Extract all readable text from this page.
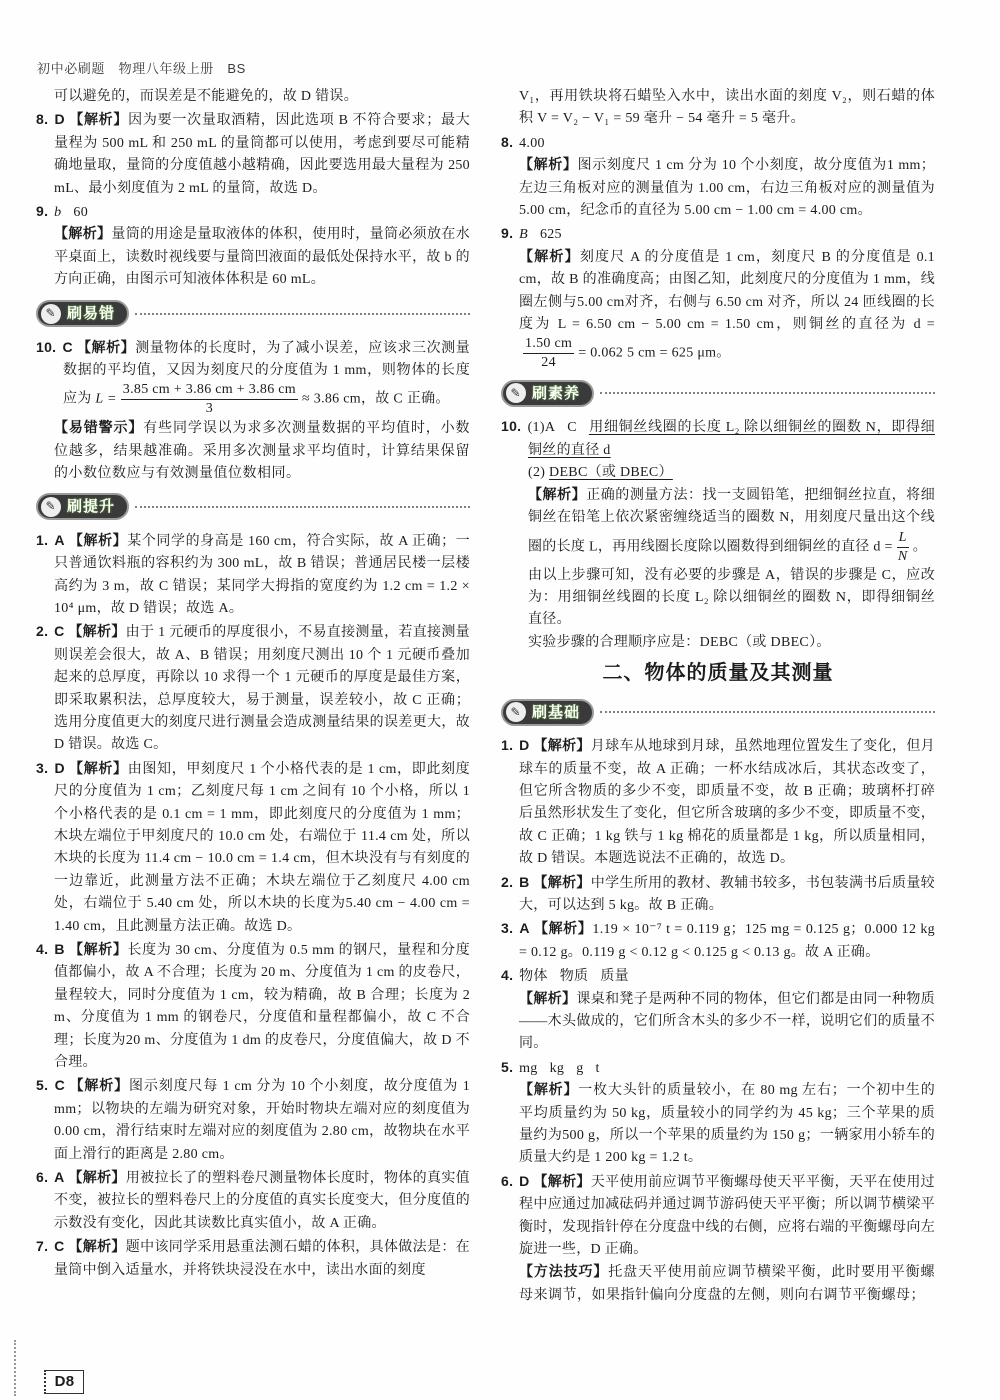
初中必刷题　物理八年级上册　BS

可以避免的，而误差是不能避免的，故 D 错误。

8. D 【解析】因为要一次量取酒精，因此选项 B 不符合要求；最大量程为 500 mL 和 250 mL 的量筒都可以使用，考虑到要尽可能精确地量取，量筒的分度值越小越精确，因此要选用最大量程为 250 mL、最小刻度值为 2 mL 的量筒，故选 D。

9. b 60

【解析】量筒的用途是量取液体的体积，使用时，量筒必须放在水平桌面上，读数时视线要与量筒凹液面的最低处保持水平，故 b 的方向正确，由图示可知液体体积是 60 mL。

✎ 刷易错

10. C 【解析】测量物体的长度时，为了减小误差，应该求三次测量数据的平均值，又因为刻度尺的分度值为 1 mm，则物体的长度应为 $L = \frac{3.85 cm + 3.86 cm + 3.86 cm}{3} \approx 3.86$ cm，故 C 正确。

【易错警示】有些同学误以为求多次测量数据的平均值时，小数位越多，结果越准确。采用多次测量求平均值时，计算结果保留的小数位数应与有效测量值位数相同。

✎ 刷提升

1. A 【解析】某个同学的身高是 160 cm，符合实际，故 A 正确；一只普通饮料瓶的容积约为 300 mL，故 B 错误；普通居民楼一层楼高约为 3 m，故 C 错误；某同学大拇指的宽度约为 1.2 cm = 1.2 × 10⁴ μm，故 D 错误；故选 A。

2. C 【解析】由于 1 元硬币的厚度很小，不易直接测量，若直接测量则误差会很大，故 A、B 错误；用刻度尺测出 10 个 1 元硬币叠加起来的总厚度，再除以 10 求得一个 1 元硬币的厚度是最佳方案，即采取累积法，总厚度较大，易于测量，误差较小，故 C 正确；选用分度值更大的刻度尺进行测量会造成测量结果的误差更大，故 D 错误。故选 C。

3. D 【解析】由图知，甲刻度尺 1 个小格代表的是 1 cm，即此刻度尺的分度值为 1 cm；乙刻度尺每 1 cm 之间有 10 个小格，所以 1 个小格代表的是 0.1 cm = 1 mm，即此刻度尺的分度值为 1 mm；木块左端位于甲刻度尺的 10.0 cm 处，右端位于 11.4 cm 处，所以木块的长度为 11.4 cm − 10.0 cm = 1.4 cm，但木块没有与有刻度的一边靠近，此测量方法不正确；木块左端位于乙刻度尺 4.00 cm处，右端位于 5.40 cm 处，所以木块的长度为5.40 cm − 4.00 cm = 1.40 cm，且此测量方法正确。故选 D。

4. B 【解析】长度为 30 cm、分度值为 0.5 mm 的钢尺，量程和分度值都偏小，故 A 不合理；长度为 20 m、分度值为 1 cm 的皮卷尺，量程较大，同时分度值为 1 cm，较为精确，故 B 合理；长度为 2 m、分度值为 1 mm 的钢卷尺，分度值和量程都偏小，故 C 不合理；长度为20 m、分度值为 1 dm 的皮卷尺，分度值偏大，故 D 不合理。

5. C 【解析】图示刻度尺每 1 cm 分为 10 个小刻度，故分度值为 1 mm；以物块的左端为研究对象，开始时物块左端对应的刻度值为 0.00 cm，滑行结束时左端对应的刻度值为 2.80 cm，故物块在水平面上滑行的距离是 2.80 cm。

6. A 【解析】用被拉长了的塑料卷尺测量物体长度时，物体的真实值不变，被拉长的塑料卷尺上的分度值的真实长度变大，但分度值的示数没有变化，因此其读数比真实值小，故 A 正确。

7. C 【解析】题中该同学采用悬重法测石蜡的体积，具体做法是：在量筒中倒入适量水，并将铁块浸没在水中，读出水面的刻度

V₁，再用铁块将石蜡坠入水中，读出水面的刻度 V₂，则石蜡的体积 V = V₂ − V₁ = 59 毫升 − 54 毫升 = 5 毫升。

8. 4.00

【解析】图示刻度尺 1 cm 分为 10 个小刻度，故分度值为1 mm；左边三角板对应的测量值为 1.00 cm，右边三角板对应的测量值为 5.00 cm，纪念币的直径为 5.00 cm − 1.00 cm = 4.00 cm。

9. B 625

【解析】刻度尺 A 的分度值是 1 cm，刻度尺 B 的分度值是 0.1 cm，故 B 的准确度高；由图乙知，此刻度尺的分度值为 1 mm，线圈左侧与5.00 cm对齐，右侧与 6.50 cm 对齐，所以 24 匝线圈的长度为 L = 6.50 cm − 5.00 cm = 1.50 cm，则铜丝的直径为 d =
$\frac{1.50 cm}{24} = 0.062$ 5 cm = 625 μm。

✎ 刷素养

10. (1)A C 用细铜丝线圈的长度 L₂ 除以细铜丝的圈数 N，即得细铜丝的直径 d

(2) DEBC（或 DBEC）

【解析】正确的测量方法：找一支圆铅笔，把细铜丝拉直，将细铜丝在铅笔上依次紧密缠绕适当的圈数 N，用刻度尺量出这个线圈的长度 L，再用线圈长度除以圈数得到细铜丝的直径 $d = \frac{L}{N}$ 。

由以上步骤可知，没有必要的步骤是 A，错误的步骤是 C，应改为：用细铜丝线圈的长度 L₂ 除以细铜丝的圈数 N，即得细铜丝直径。

实验步骤的合理顺序应是：DEBC（或 DBEC）。

二、物体的质量及其测量
✎ 刷基础

1. D 【解析】月球车从地球到月球，虽然地理位置发生了变化，但月球车的质量不变，故 A 正确；一杯水结成冰后，其状态改变了，但它所含物质的多少不变，即质量不变，故 B 正确；玻璃杯打碎后虽然形状发生了变化，但它所含玻璃的多少不变，即质量不变，故 C 正确；1 kg 铁与 1 kg 棉花的质量都是 1 kg，所以质量相同，故 D 错误。本题选说法不正确的，故选 D。

2. B 【解析】中学生所用的教材、教辅书较多，书包装满书后质量较大，可以达到 5 kg。故 B 正确。

3. A 【解析】1.19 × 10⁻⁷ t = 0.119 g；125 mg = 0.125 g；0.000 12 kg = 0.12 g。0.119 g < 0.12 g < 0.125 g < 0.13 g。故 A 正确。

4. 物体 物质 质量

【解析】课桌和凳子是两种不同的物体，但它们都是由同一种物质——木头做成的，它们所含木头的多少不一样，说明它们的质量不同。

5. mg kg g t

【解析】一枚大头针的质量较小，在 80 mg 左右；一个初中生的平均质量约为 50 kg，质量较小的同学约为 45 kg；三个苹果的质量约为500 g，所以一个苹果的质量约为 150 g；一辆家用小轿车的质量大约是 1 200 kg = 1.2 t。

6. D 【解析】天平使用前应调节平衡螺母使天平平衡，天平在使用过程中应通过加减砝码并通过调节游码使天平平衡；所以调节横梁平衡时，发现指针停在分度盘中线的右侧，应将右端的平衡螺母向左旋进一些，D 正确。

【方法技巧】托盘天平使用前应调节横梁平衡，此时要用平衡螺母来调节，如果指针偏向分度盘的左侧，则向右调节平衡螺母；

D8
